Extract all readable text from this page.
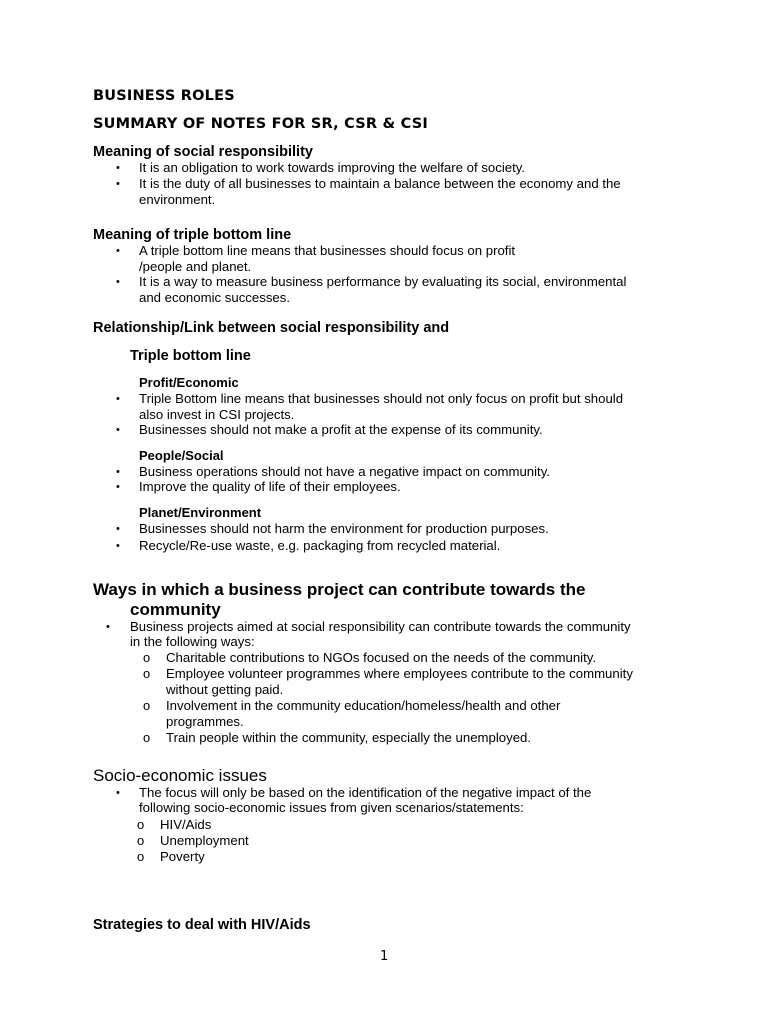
BUSINESS ROLES
SUMMARY OF NOTES FOR SR, CSR & CSI
Meaning of social responsibility
• It is an obligation to work towards improving the welfare of society.
• It is the duty of all businesses to maintain a balance between the economy and the
environment.
Meaning of triple bottom line
• A triple bottom line means that businesses should focus on profit
/people and planet.
• It is a way to measure business performance by evaluating its social, environmental
and economic successes.
Relationship/Link between social responsibility and
Triple bottom line
Profit/Economic
• Triple Bottom line means that businesses should not only focus on profit but should
also invest in CSI projects.
• Businesses should not make a profit at the expense of its community.
People/Social
• Business operations should not have a negative impact on community.
• Improve the quality of life of their employees.
Planet/Environment
• Businesses should not harm the environment for production purposes.
• Recycle/Re-use waste, e.g. packaging from recycled material.
Ways in which a business project can contribute towards the
community
• Business projects aimed at social responsibility can contribute towards the community
in the following ways:
o Charitable contributions to NGOs focused on the needs of the community.
o Employee volunteer programmes where employees contribute to the community
without getting paid.
o Involvement in the community education/homeless/health and other
programmes.
o Train people within the community, especially the unemployed.
Socio-economic issues
• The focus will only be based on the identification of the negative impact of the
following socio-economic issues from given scenarios/statements:
o HIV/Aids
o Unemployment
o Poverty
Strategies to deal with HIV/Aids
1
